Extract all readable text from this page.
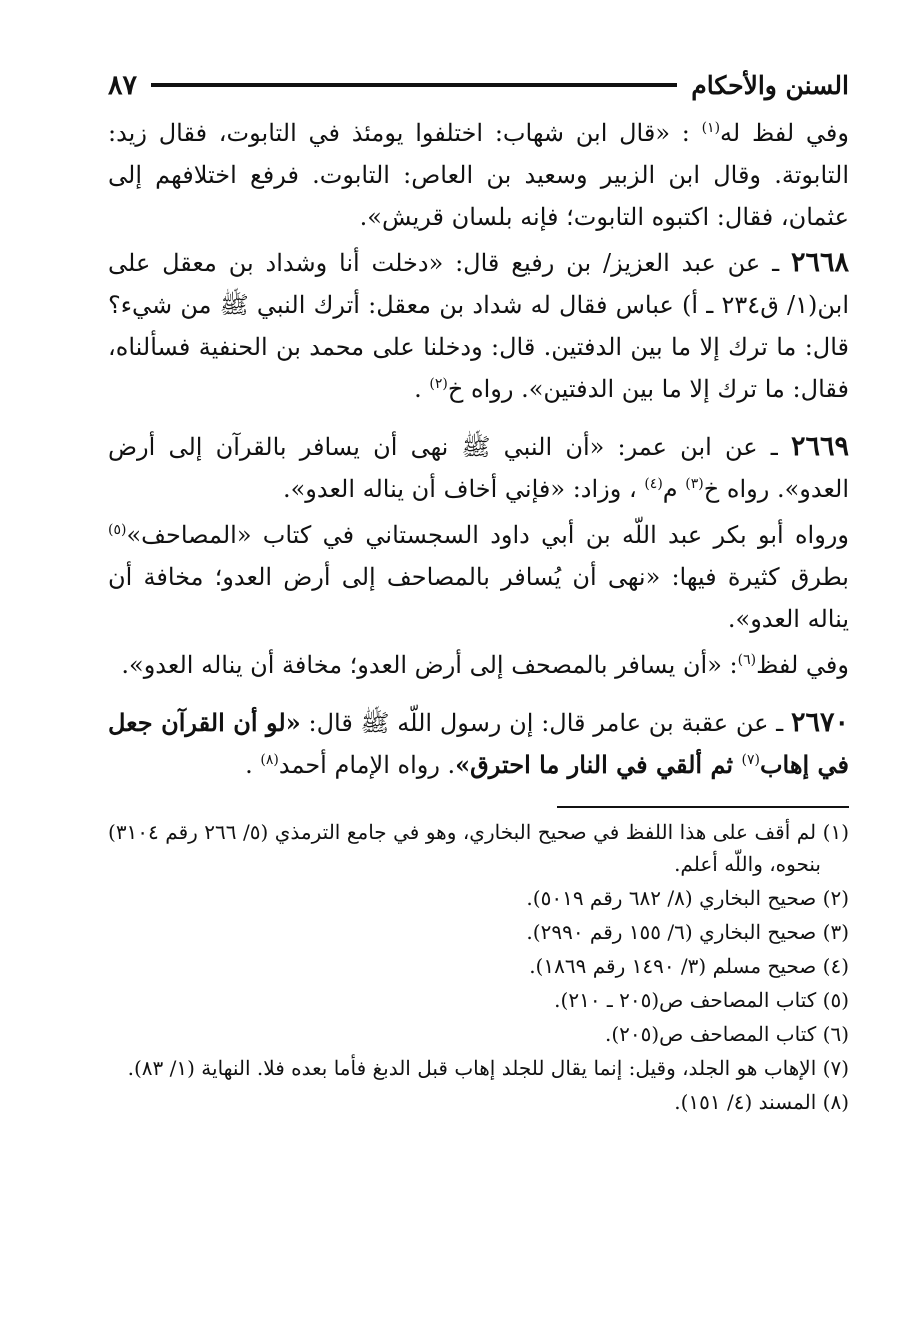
السنن والأحكام
٨٧

وفي لفظ له$^{(١)}$ : «قال ابن شهاب: اختلفوا يومئذ في التابوت، فقال زيد: التابوتة. وقال ابن الزبير وسعيد بن العاص: التابوت. فرفع اختلافهم إلى عثمان، فقال: اكتبوه التابوت؛ فإنه بلسان قريش».

٢٦٦٨ ـ عن عبد العزيز/ بن رفيع قال: «دخلت أنا وشداد بن معقل على ابن(١/ ق٢٣٤ ـ أ) عباس فقال له شداد بن معقل: أترك النبي ﷺ من شيء؟ قال: ما ترك إلا ما بين الدفتين. قال: ودخلنا على محمد بن الحنفية فسألناه، فقال: ما ترك إلا ما بين الدفتين». رواه خ$^{(٢)}$ .

٢٦٦٩ ـ عن ابن عمر: «أن النبي ﷺ نهى أن يسافر بالقرآن إلى أرض العدو». رواه خ$^{(٣)}$ م$^{(٤)}$ ، وزاد: «فإني أخاف أن يناله العدو».

ورواه أبو بكر عبد اللّه بن أبي داود السجستاني في كتاب «المصاحف»$^{(٥)}$ بطرق كثيرة فيها: «نهى أن يُسافر بالمصاحف إلى أرض العدو؛ مخافة أن يناله العدو».

وفي لفظ$^{(٦)}$: «أن يسافر بالمصحف إلى أرض العدو؛ مخافة أن يناله العدو».

٢٦٧٠ ـ عن عقبة بن عامر قال: إن رسول اللّه ﷺ قال: «لو أن القرآن جعل في إهاب$^{(٧)}$ ثم ألقي في النار ما احترق». رواه الإمام أحمد$^{(٨)}$ .

(١) لم أقف على هذا اللفظ في صحيح البخاري، وهو في جامع الترمذي (٥/ ٢٦٦ رقم ٣١٠٤) بنحوه، واللّه أعلم.

(٢) صحيح البخاري (٨/ ٦٨٢ رقم ٥٠١٩).

(٣) صحيح البخاري (٦/ ١٥٥ رقم ٢٩٩٠).

(٤) صحيح مسلم (٣/ ١٤٩٠ رقم ١٨٦٩).

(٥) كتاب المصاحف ص(٢٠٥ ـ ٢١٠).

(٦) كتاب المصاحف ص(٢٠٥).

(٧) الإهاب هو الجلد، وقيل: إنما يقال للجلد إهاب قبل الدبغ فأما بعده فلا. النهاية (١/ ٨٣).

(٨) المسند (٤/ ١٥١).
